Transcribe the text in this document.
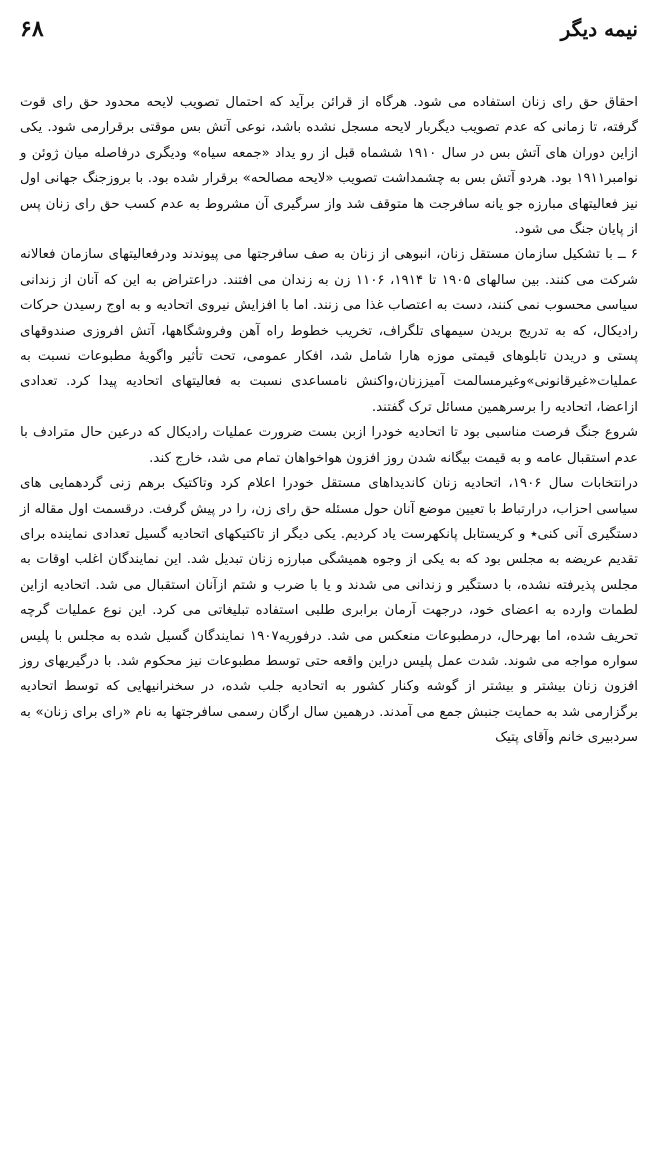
نیمه دیگر
۶۸

احقاق حق رای زنان استفاده می شود. هرگاه از قرائن برآید که احتمال تصویب لایحه محدود حق رای قوت گرفته، تا زمانی که عدم تصویب دیگربار لایحه مسجل نشده باشد، نوعی آتش بس موقتی برقرارمی شود. یکی ازاین دوران های آتش بس در سال ۱۹۱۰ ششماه قبل از رو یداد «جمعه سیاه» ودیگری درفاصله میان ژوئن و نوامبر۱۹۱۱ بود. هردو آتش بس به چشمداشت تصویب «لایحه مصالحه» برقرار شده بود. با بروزجنگ جهانی اول نیز فعالیتهای مبارزه جو یانه سافرجت ها متوقف شد واز سرگیری آن مشروط به عدم کسب حق رای زنان پس از پایان جنگ می شود.

۶ ــ با تشکیل سازمان مستقل زنان، انبوهی از زنان به صف سافرجتها می پیوندند ودرفعالیتهای سازمان فعالانه شرکت می کنند. بین سالهای ۱۹۰۵ تا ۱۹۱۴، ۱۱۰۶ زن به زندان می افتند. دراعتراض به این که آنان از زندانی سیاسی محسوب نمی کنند، دست به اعتصاب غذا می زنند. اما با افزایش نیروی اتحادیه و به اوج رسیدن حرکات رادیکال، که به تدریج بریدن سیمهای تلگراف، تخریب خطوط راه آهن وفروشگاهها، آتش افروزی صندوقهای پستی و دریدن تابلوهای قیمتی موزه هارا شامل شد، افکار عمومی، تحت تأثیر واگویهٔ مطبوعات نسبت به عملیات«غیرقانونی»وغیرمسالمت آمیززنان،واکنش نامساعدی نسبت به فعالیتهای اتحادیه پیدا کرد. تعدادی ازاعضا، اتحادیه را برسرهمین مسائل ترک گفتند.

شروع جنگ فرصت مناسبی بود تا اتحادیه خودرا ازبن بست ضرورت عملیات رادیکال که درعین حال مترادف با عدم استقبال عامه و به قیمت بیگانه شدن روز افزون هواخواهان تمام می شد، خارج کند.

درانتخابات سال ۱۹۰۶، اتحادیه زنان کاندیداهای مستقل خودرا اعلام کرد وتاکتیک برهم زنی گردهمایی های سیاسی احزاب، درارتباط با تعیین موضع آنان حول مسئله حق رای زن، را در پیش گرفت. درقسمت اول مقاله از دستگیری آنی کنی٭ و کریستابل پانکهرست یاد کردیم. یکی دیگر از تاکتیکهای اتحادیه گسیل تعدادی نماینده برای تقدیم عریضه به مجلس بود که به یکی از وجوه همیشگی مبارزه زنان تبدیل شد. این نمایندگان اغلب اوقات به مجلس پذیرفته نشده، با دستگیر و زندانی می شدند و یا با ضرب و شتم ازآنان استقبال می شد. اتحادیه ازاین لطمات وارده به اعضای خود، درجهت آرمان برابری طلبی استفاده تبلیغاتی می کرد. این نوع عملیات گرچه تحریف شده، اما بهرحال، درمطبوعات منعکس می شد. درفوریه۱۹۰۷ نمایندگان گسیل شده به مجلس با پلیس سواره مواجه می شوند. شدت عمل پلیس دراین واقعه حتی توسط مطبوعات نیز محکوم شد. با درگیریهای روز افزون زنان بیشتر و بیشتر از گوشه وکنار کشور به اتحادیه جلب شده، در سخنرانیهایی که توسط اتحادیه برگزارمی شد به حمایت جنبش جمع می آمدند. درهمین سال ارگان رسمی سافرجتها به نام «رای برای زنان» به سردبیری خانم وآقای پتیک
